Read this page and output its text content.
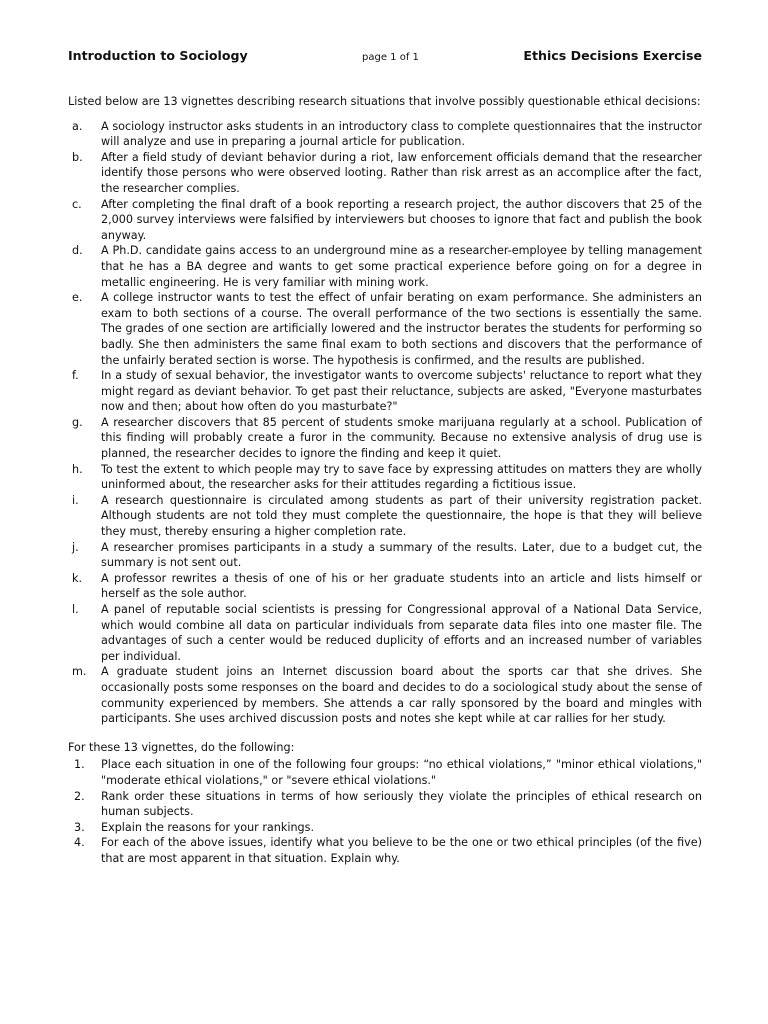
Introduction to Sociology	page 1 of 1	Ethics Decisions Exercise
Listed below are 13 vignettes describing research situations that involve possibly questionable ethical decisions:
a.	A sociology instructor asks students in an introductory class to complete questionnaires that the instructor will analyze and use in preparing a journal article for publication.
b.	After a field study of deviant behavior during a riot, law enforcement officials demand that the researcher identify those persons who were observed looting. Rather than risk arrest as an accomplice after the fact, the researcher complies.
c.	After completing the final draft of a book reporting a research project, the author discovers that 25 of the 2,000 survey interviews were falsified by interviewers but chooses to ignore that fact and publish the book anyway.
d.	A Ph.D. candidate gains access to an underground mine as a researcher-employee by telling management that he has a BA degree and wants to get some practical experience before going on for a degree in metallic engineering. He is very familiar with mining work.
e.	A college instructor wants to test the effect of unfair berating on exam performance. She administers an exam to both sections of a course. The overall performance of the two sections is essentially the same. The grades of one section are artificially lowered and the instructor berates the students for performing so badly. She then administers the same final exam to both sections and discovers that the performance of the unfairly berated section is worse. The hypothesis is confirmed, and the results are published.
f.	In a study of sexual behavior, the investigator wants to overcome subjects' reluctance to report what they might regard as deviant behavior. To get past their reluctance, subjects are asked, "Everyone masturbates now and then; about how often do you masturbate?"
g.	A researcher discovers that 85 percent of students smoke marijuana regularly at a school. Publication of this finding will probably create a furor in the community. Because no extensive analysis of drug use is planned, the researcher decides to ignore the finding and keep it quiet.
h.	To test the extent to which people may try to save face by expressing attitudes on matters they are wholly uninformed about, the researcher asks for their attitudes regarding a fictitious issue.
i.	A research questionnaire is circulated among students as part of their university registration packet. Although students are not told they must complete the questionnaire, the hope is that they will believe they must, thereby ensuring a higher completion rate.
j.	A researcher promises participants in a study a summary of the results. Later, due to a budget cut, the summary is not sent out.
k.	A professor rewrites a thesis of one of his or her graduate students into an article and lists himself or herself as the sole author.
l.	A panel of reputable social scientists is pressing for Congressional approval of a National Data Service, which would combine all data on particular individuals from separate data files into one master file. The advantages of such a center would be reduced duplicity of efforts and an increased number of variables per individual.
m.	A graduate student joins an Internet discussion board about the sports car that she drives. She occasionally posts some responses on the board and decides to do a sociological study about the sense of community experienced by members. She attends a car rally sponsored by the board and mingles with participants. She uses archived discussion posts and notes she kept while at car rallies for her study.
For these 13 vignettes, do the following:
1.	Place each situation in one of the following four groups: “no ethical violations,” "minor ethical violations," "moderate ethical violations," or "severe ethical violations."
2.	Rank order these situations in terms of how seriously they violate the principles of ethical research on human subjects.
3.	Explain the reasons for your rankings.
4.	For each of the above issues, identify what you believe to be the one or two ethical principles (of the five) that are most apparent in that situation. Explain why.
